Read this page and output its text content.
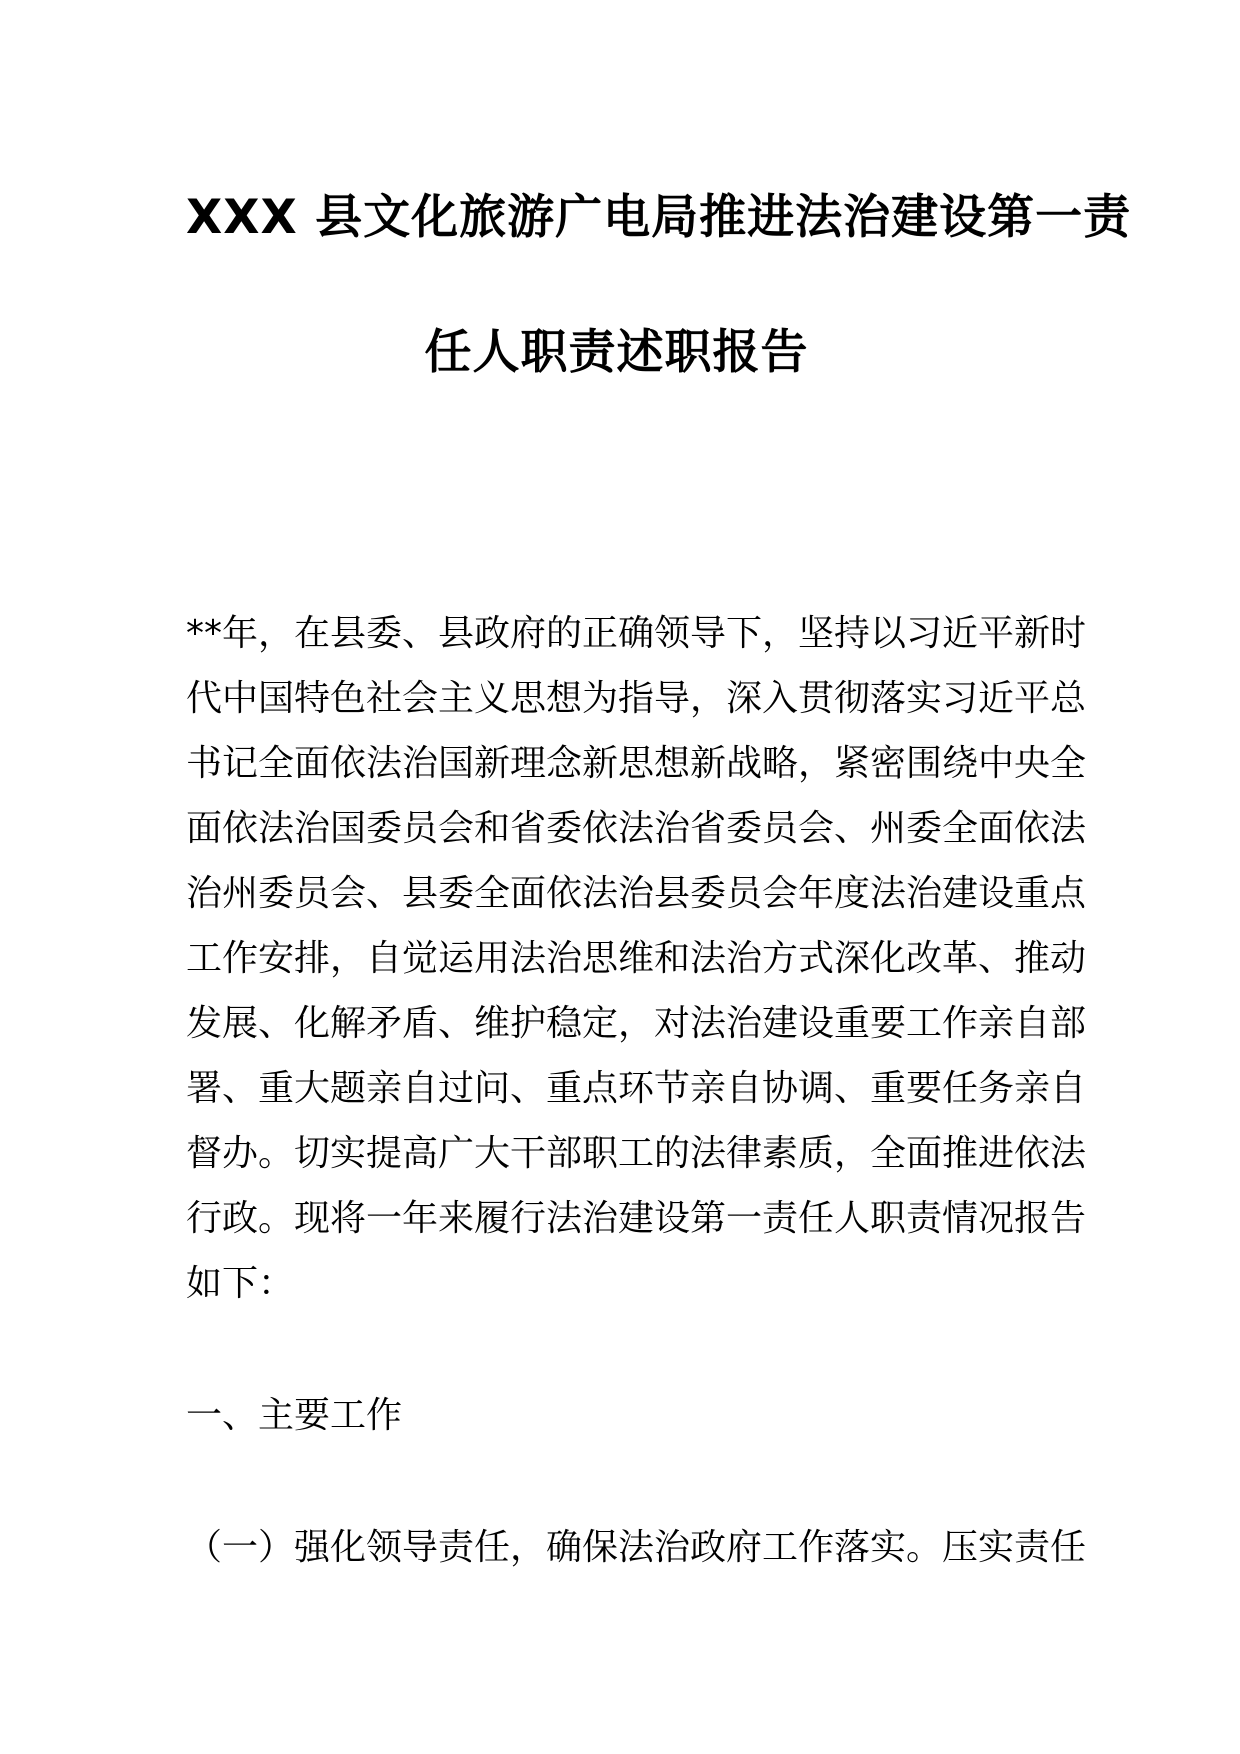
XXX 县文化旅游广电局推进法治建设第一责
任人职责述职报告
**年，在县委、县政府的正确领导下，坚持以习近平新时
代中国特色社会主义思想为指导，深入贯彻落实习近平总
书记全面依法治国新理念新思想新战略，紧密围绕中央全
面依法治国委员会和省委依法治省委员会、州委全面依法
治州委员会、县委全面依法治县委员会年度法治建设重点
工作安排，自觉运用法治思维和法治方式深化改革、推动
发展、化解矛盾、维护稳定，对法治建设重要工作亲自部
署、重大题亲自过问、重点环节亲自协调、重要任务亲自
督办。切实提高广大干部职工的法律素质，全面推进依法
行政。现将一年来履行法治建设第一责任人职责情况报告
如下：
一、主要工作
（一）强化领导责任，确保法治政府工作落实。压实责任
